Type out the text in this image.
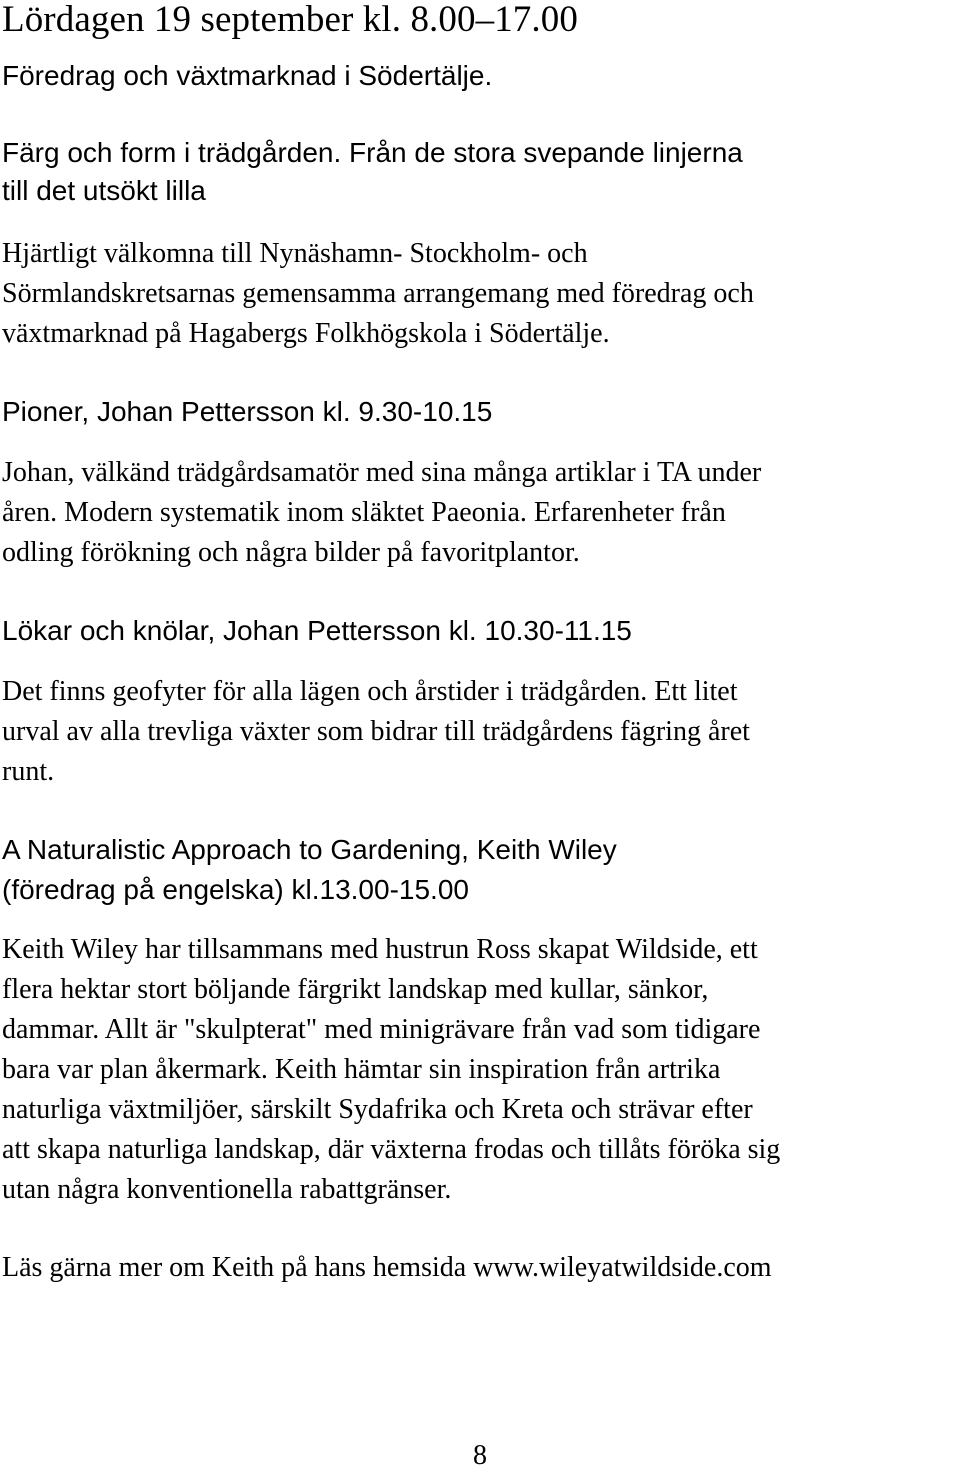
Lördagen 19 september kl. 8.00–17.00
Föredrag och växtmarknad i Södertälje.
Färg och form i trädgården. Från de stora svepande linjerna
till det utsökt lilla
Hjärtligt välkomna till Nynäshamn- Stockholm- och
Sörmlandskretsarnas gemensamma arrangemang med föredrag och
växtmarknad på Hagabergs Folkhögskola i Södertälje.
Pioner, Johan Pettersson kl. 9.30-10.15
Johan, välkänd trädgårdsamatör med sina många artiklar i TA under
åren. Modern systematik inom släktet Paeonia. Erfarenheter från
odling förökning och några bilder på favoritplantor.
Lökar och knölar, Johan Pettersson kl. 10.30-11.15
Det finns geofyter för alla lägen och årstider i trädgården. Ett litet
urval av alla trevliga växter som bidrar till trädgårdens fägring året
runt.
A Naturalistic Approach to Gardening, Keith Wiley
(föredrag på engelska) kl.13.00-15.00
Keith Wiley har tillsammans med hustrun Ross skapat Wildside, ett
flera hektar stort böljande färgrikt landskap med kullar, sänkor,
dammar. Allt är "skulpterat" med minigrävare från vad som tidigare
bara var plan åkermark. Keith hämtar sin inspiration från artrika
naturliga växtmiljöer, särskilt Sydafrika och Kreta och strävar efter
att skapa naturliga landskap, där växterna frodas och tillåts föröka sig
utan några konventionella rabattgränser.
Läs gärna mer om Keith på hans hemsida www.wileyatwildside.com
8
